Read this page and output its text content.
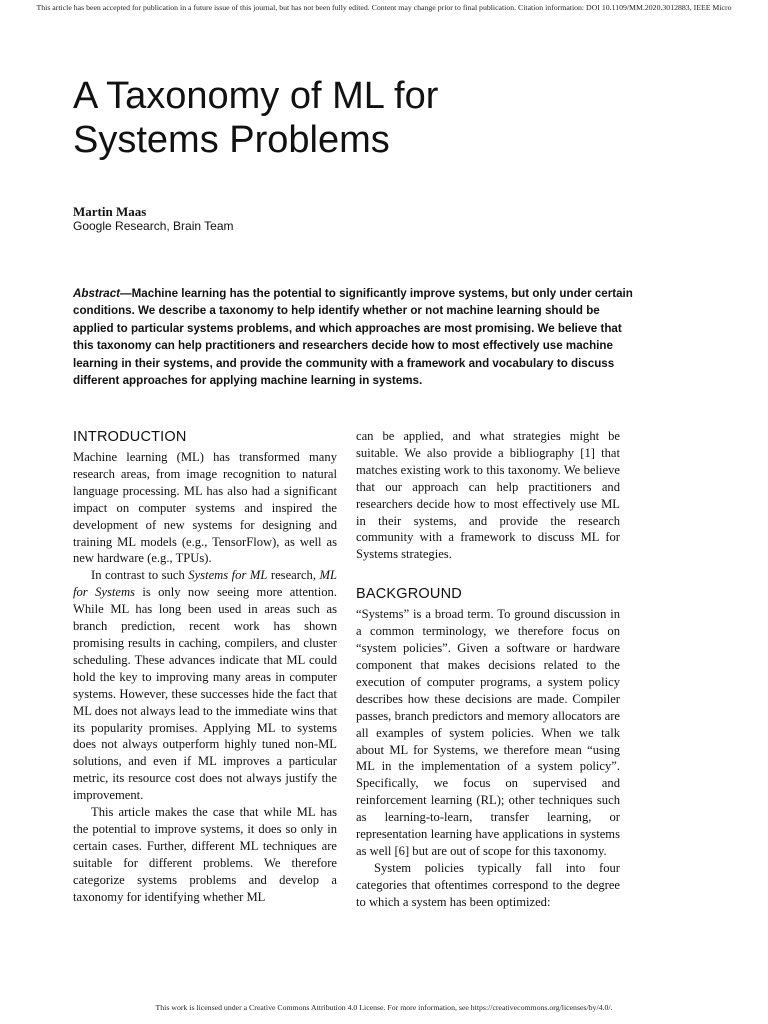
This article has been accepted for publication in a future issue of this journal, but has not been fully edited. Content may change prior to final publication. Citation information: DOI 10.1109/MM.2020.3012883, IEEE Micro
A Taxonomy of ML for
Systems Problems
Martin Maas
Google Research, Brain Team

Abstract—Machine learning has the potential to significantly improve systems, but only under certain conditions. We describe a taxonomy to help identify whether or not machine learning should be applied to particular systems problems, and which approaches are most promising. We believe that this taxonomy can help practitioners and researchers decide how to most effectively use machine learning in their systems, and provide the community with a framework and vocabulary to discuss different approaches for applying machine learning in systems.

INTRODUCTION

Machine learning (ML) has transformed many research areas, from image recognition to natural language processing. ML has also had a significant impact on computer systems and inspired the development of new systems for designing and training ML models (e.g., TensorFlow), as well as new hardware (e.g., TPUs).

In contrast to such Systems for ML research, ML for Systems is only now seeing more attention. While ML has long been used in areas such as branch prediction, recent work has shown promising results in caching, compilers, and cluster scheduling. These advances indicate that ML could hold the key to improving many areas in computer systems. However, these successes hide the fact that ML does not always lead to the immediate wins that its popularity promises. Applying ML to systems does not always outperform highly tuned non-ML solutions, and even if ML improves a particular metric, its resource cost does not always justify the improvement.

This article makes the case that while ML has the potential to improve systems, it does so only in certain cases. Further, different ML techniques are suitable for different problems. We therefore categorize systems problems and develop a taxonomy for identifying whether ML

can be applied, and what strategies might be suitable. We also provide a bibliography [1] that matches existing work to this taxonomy. We believe that our approach can help practitioners and researchers decide how to most effectively use ML in their systems, and provide the research community with a framework to discuss ML for Systems strategies.

BACKGROUND

“Systems” is a broad term. To ground discussion in a common terminology, we therefore focus on “system policies”. Given a software or hardware component that makes decisions related to the execution of computer programs, a system policy describes how these decisions are made. Compiler passes, branch predictors and memory allocators are all examples of system policies. When we talk about ML for Systems, we therefore mean “using ML in the implementation of a system policy”. Specifically, we focus on supervised and reinforcement learning (RL); other techniques such as learning-to-learn, transfer learning, or representation learning have applications in systems as well [6] but are out of scope for this taxonomy.

System policies typically fall into four categories that oftentimes correspond to the degree to which a system has been optimized:

This work is licensed under a Creative Commons Attribution 4.0 License. For more information, see https://creativecommons.org/licenses/by/4.0/.
